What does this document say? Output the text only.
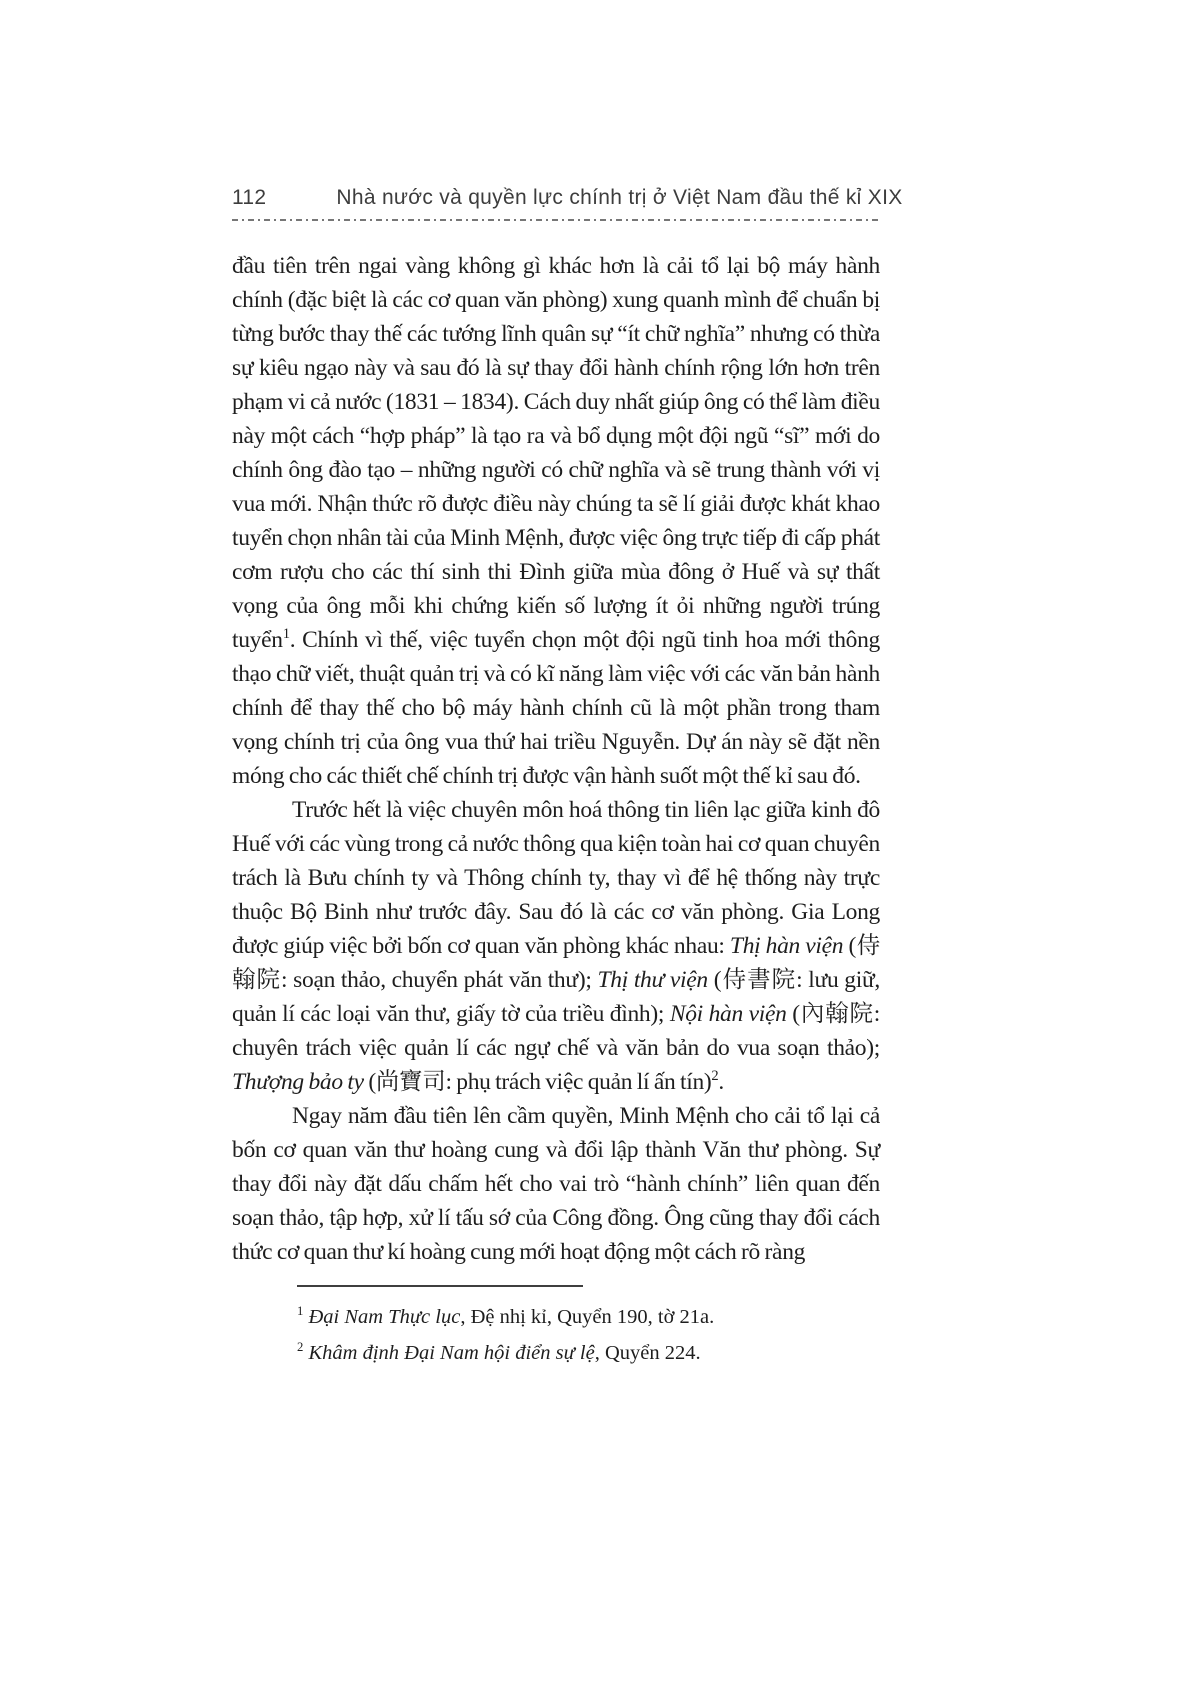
112	Nhà nước và quyền lực chính trị ở Việt Nam đầu thế kỉ XIX

đầu tiên trên ngai vàng không gì khác hơn là cải tổ lại bộ máy hành chính (đặc biệt là các cơ quan văn phòng) xung quanh mình để chuẩn bị từng bước thay thế các tướng lĩnh quân sự “ít chữ nghĩa” nhưng có thừa sự kiêu ngạo này và sau đó là sự thay đổi hành chính rộng lớn hơn trên phạm vi cả nước (1831 – 1834). Cách duy nhất giúp ông có thể làm điều này một cách “hợp pháp” là tạo ra và bổ dụng một đội ngũ “sĩ” mới do chính ông đào tạo – những người có chữ nghĩa và sẽ trung thành với vị vua mới. Nhận thức rõ được điều này chúng ta sẽ lí giải được khát khao tuyển chọn nhân tài của Minh Mệnh, được việc ông trực tiếp đi cấp phát cơm rượu cho các thí sinh thi Đình giữa mùa đông ở Huế và sự thất vọng của ông mỗi khi chứng kiến số lượng ít ỏi những người trúng tuyển$^1$. Chính vì thế, việc tuyển chọn một đội ngũ tinh hoa mới thông thạo chữ viết, thuật quản trị và có kĩ năng làm việc với các văn bản hành chính để thay thế cho bộ máy hành chính cũ là một phần trong tham vọng chính trị của ông vua thứ hai triều Nguyễn. Dự án này sẽ đặt nền móng cho các thiết chế chính trị được vận hành suốt một thế kỉ sau đó.

Trước hết là việc chuyên môn hoá thông tin liên lạc giữa kinh đô Huế với các vùng trong cả nước thông qua kiện toàn hai cơ quan chuyên trách là Bưu chính ty và Thông chính ty, thay vì để hệ thống này trực thuộc Bộ Binh như trước đây. Sau đó là các cơ văn phòng. Gia Long được giúp việc bởi bốn cơ quan văn phòng khác nhau: Thị hàn viện (侍翰院: soạn thảo, chuyển phát văn thư); Thị thư viện (侍書院: lưu giữ, quản lí các loại văn thư, giấy tờ của triều đình); Nội hàn viện (內翰院: chuyên trách việc quản lí các ngự chế và văn bản do vua soạn thảo); Thượng bảo ty (尚寶司: phụ trách việc quản lí ấn tín)$^2$.

Ngay năm đầu tiên lên cầm quyền, Minh Mệnh cho cải tổ lại cả bốn cơ quan văn thư hoàng cung và đổi lập thành Văn thư phòng. Sự thay đổi này đặt dấu chấm hết cho vai trò “hành chính” liên quan đến soạn thảo, tập hợp, xử lí tấu sớ của Công đồng. Ông cũng thay đổi cách thức cơ quan thư kí hoàng cung mới hoạt động một cách rõ ràng

$^1$ Đại Nam Thực lục, Đệ nhị kỉ, Quyển 190, tờ 21a.

$^2$ Khâm định Đại Nam hội điển sự lệ, Quyển 224.
